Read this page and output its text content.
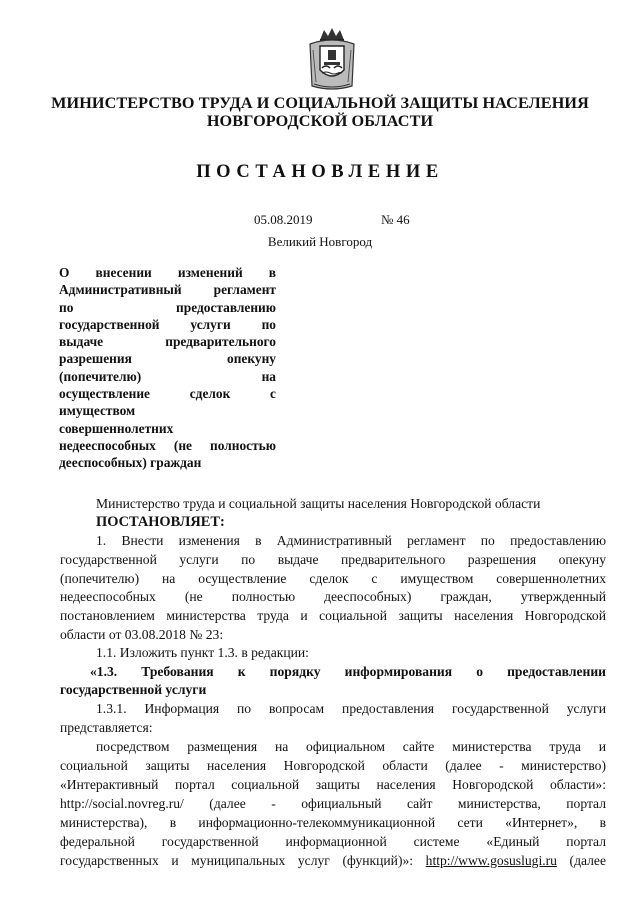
МИНИСТЕРСТВО ТРУДА И СОЦИАЛЬНОЙ ЗАЩИТЫ НАСЕЛЕНИЯ
НОВГОРОДСКОЙ ОБЛАСТИ
ПОСТАНОВЛЕНИЕ
05.08.2019	№ 46
Великий Новгород
О внесении изменений в
Административный регламент
по предоставлению
государственной услуги по
выдаче предварительного
разрешения опекуну
(попечителю) на
осуществление сделок с
имуществом
совершеннолетних
недееспособных (не полностью
дееспособных) граждан
Министерство труда и социальной защиты населения Новгородской области
ПОСТАНОВЛЯЕТ:
1. Внести изменения в Административный регламент по предоставлению
государственной услуги по выдаче предварительного разрешения опекуну
(попечителю) на осуществление сделок с имуществом совершеннолетних
недееспособных (не полностью дееспособных) граждан, утвержденный
постановлением министерства труда и социальной защиты населения Новгородской
области от 03.08.2018 № 23:
1.1. Изложить пункт 1.3. в редакции:
«1.3. Требования к порядку информирования о предоставлении
государственной услуги
1.3.1. Информация по вопросам предоставления государственной услуги
представляется:
посредством размещения на официальном сайте министерства труда и
социальной защиты населения Новгородской области (далее - министерство)
«Интерактивный портал социальной защиты населения Новгородской области»:
http://social.novreg.ru/ (далее - официальный сайт министерства, портал
министерства), в информационно-телекоммуникационной сети «Интернет», в
федеральной государственной информационной системе «Единый портал
государственных и муниципальных услуг (функций)»: http://www.gosuslugi.ru (далее
